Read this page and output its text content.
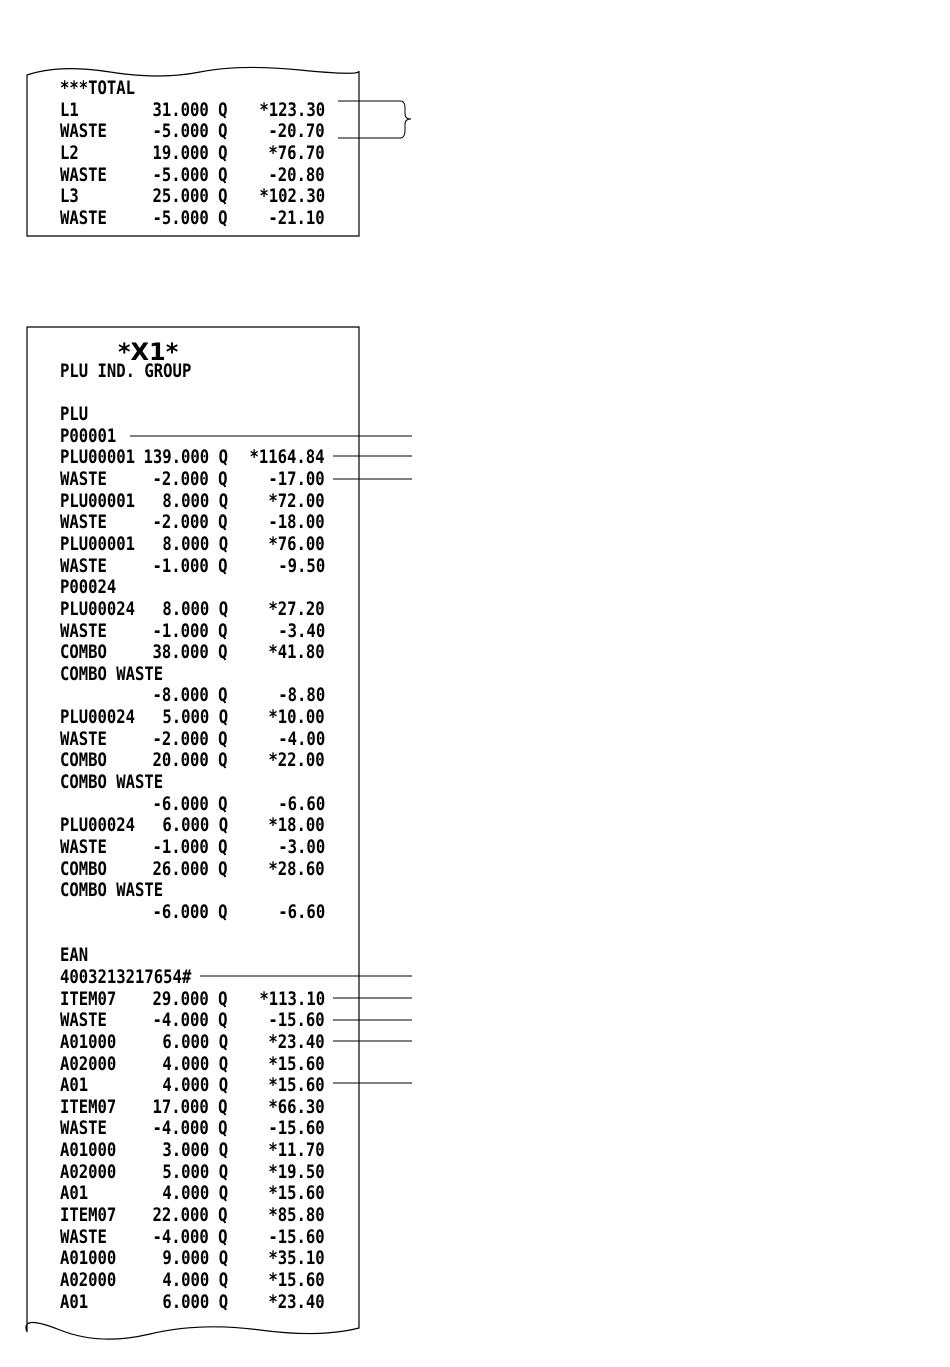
***TOTAL
L1	31.000 Q *123.30
WASTE -5.000 Q -20.70
L2	19.000 Q *76.70
WASTE -5.000 Q -20.80
L3	25.000 Q *102.30
WASTE -5.000 Q -21.10
*X1*
PLU IND. GROUP
PLU
P00001
PLU00001 139.000 Q *1164.84
WASTE -2.000 Q -17.00
PLU00001 8.000 Q *72.00
WASTE -2.000 Q -18.00
PLU00001 8.000 Q *76.00
WASTE -1.000 Q	-9.50
P00024
PLU00024 8.000 Q *27.20
WASTE -1.000 Q	-3.40
COMBO 38.000 Q *41.80
COMBO WASTE
-8.000 Q	-8.80
PLU00024 5.000 Q *10.00
WASTE -2.000 Q	-4.00
COMBO 20.000 Q *22.00
COMBO WASTE
-6.000 Q	-6.60
PLU00024 6.000 Q *18.00
WASTE -1.000 Q	-3.00
COMBO 26.000 Q *28.60
COMBO WASTE
-6.000 Q	-6.60
EAN
4003213217654#
ITEM07 29.000 Q *113.10
WASTE -4.000 Q -15.60
A01000 6.000 Q *23.40
A02000 4.000 Q *15.60
A01	4.000 Q *15.60
ITEM07 17.000 Q *66.30
WASTE -4.000 Q -15.60
A01000 3.000 Q *11.70
A02000 5.000 Q *19.50
A01	4.000 Q *15.60
ITEM07 22.000 Q *85.80
WASTE -4.000 Q -15.60
A01000 9.000 Q *35.10
A02000 4.000 Q *15.60
A01	6.000 Q *23.40
